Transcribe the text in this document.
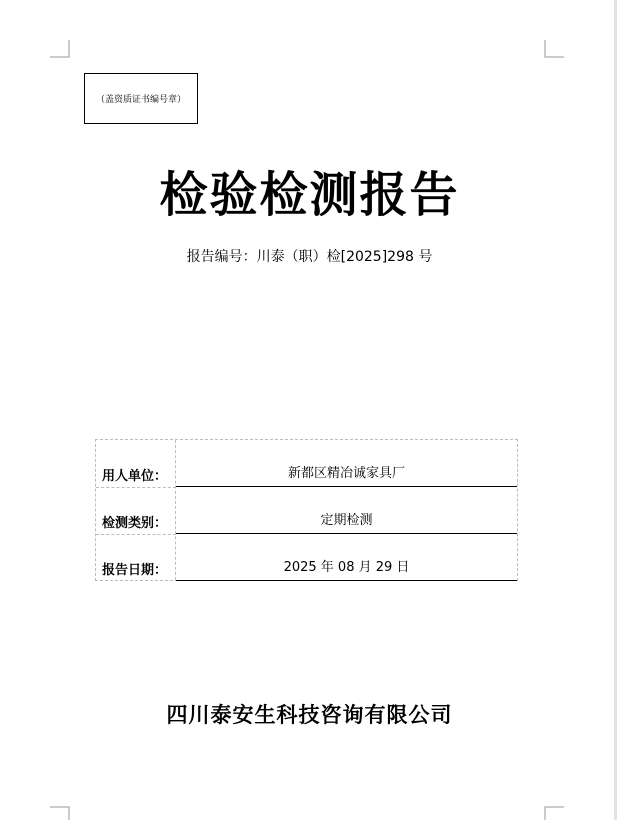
（盖资质证书编号章）
检验检测报告
报告编号：川泰（职）检[2025]298 号
用人单位：	新都区精冶诚家具厂
检测类别：	定期检测
报告日期：	2025 年 08 月 29 日
四川泰安生科技咨询有限公司
